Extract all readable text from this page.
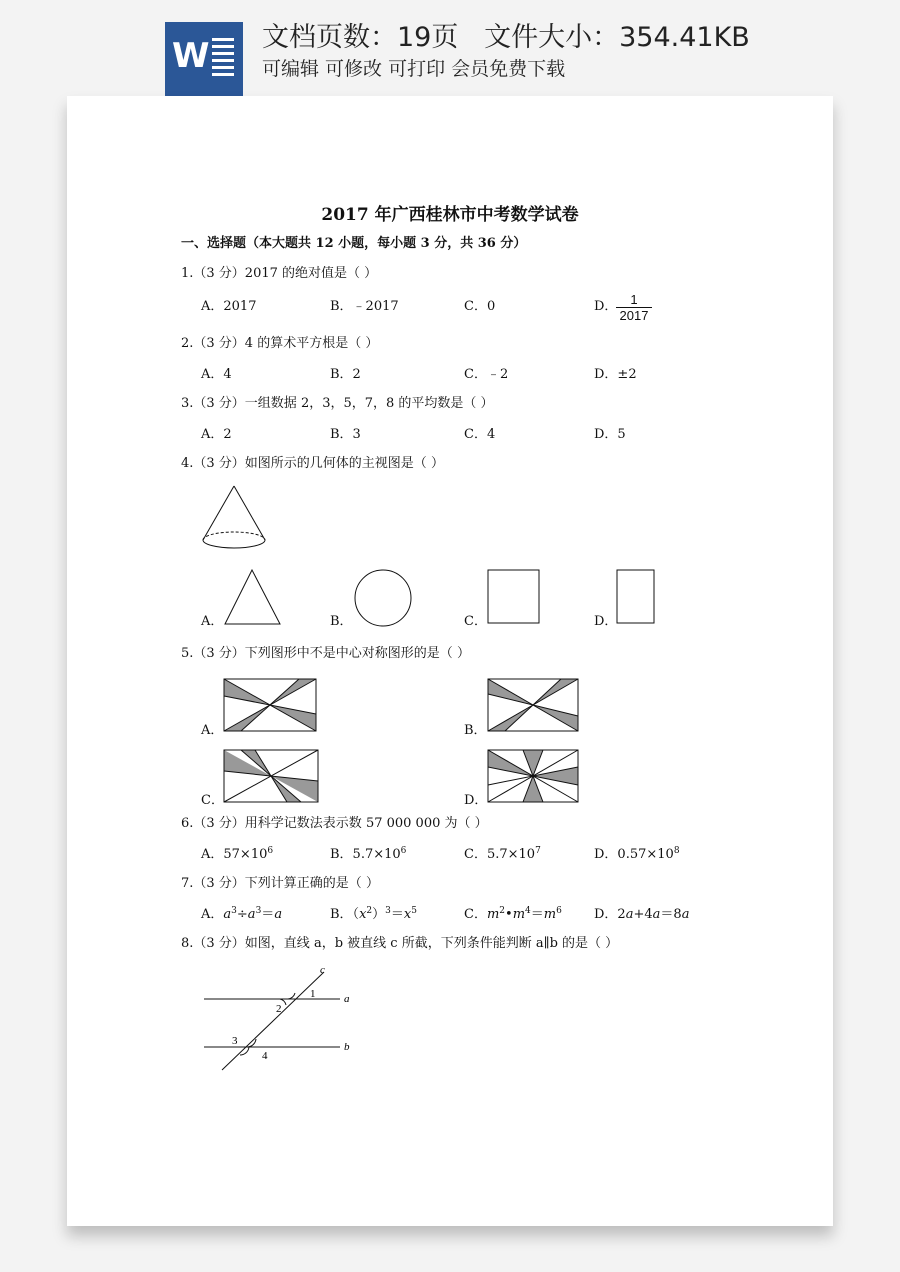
W 文档页数：19页   文件大小：354.41KB
可编辑 可修改 可打印 会员免费下载
2017 年广西桂林市中考数学试卷
一、选择题（本大题共 12 小题，每小题 3 分，共 36 分）
1.（3 分）2017 的绝对值是（ ）
A．2017	B．﹣2017	C．0	D．
$\frac{1}{2017}$
2.（3 分）4 的算术平方根是（ ）
A．4	B．2	C．﹣2	D．±2
3.（3 分）一组数据 2，3，5，7，8 的平均数是（ ）
A．2	B．3	C．4	D．5
4.（3 分）如图所示的几何体的主视图是（ ）
A．	B．	C．	D．
5.（3 分）下列图形中不是中心对称图形的是（ ）
A．	B．
C．	D．
6.（3 分）用科学记数法表示数 57 000 000 为（ ）
A．$57\times 10^6$	B．$5.7\times 10^6$	C．$5.7\times 10^7$	D．$0.57\times 10^8$
7.（3 分）下列计算正确的是（ ）
A．$a^3\div a^3=a$	B．$(x^2)^3=x^5$	C．$m^2•m^4=m^6$ D．2a+4a＝8a
8.（3 分）如图，直线 a，b 被直线 c 所截，下列条件能判断 a∥b 的是（ ）
c
1
2
3
4
a
b
